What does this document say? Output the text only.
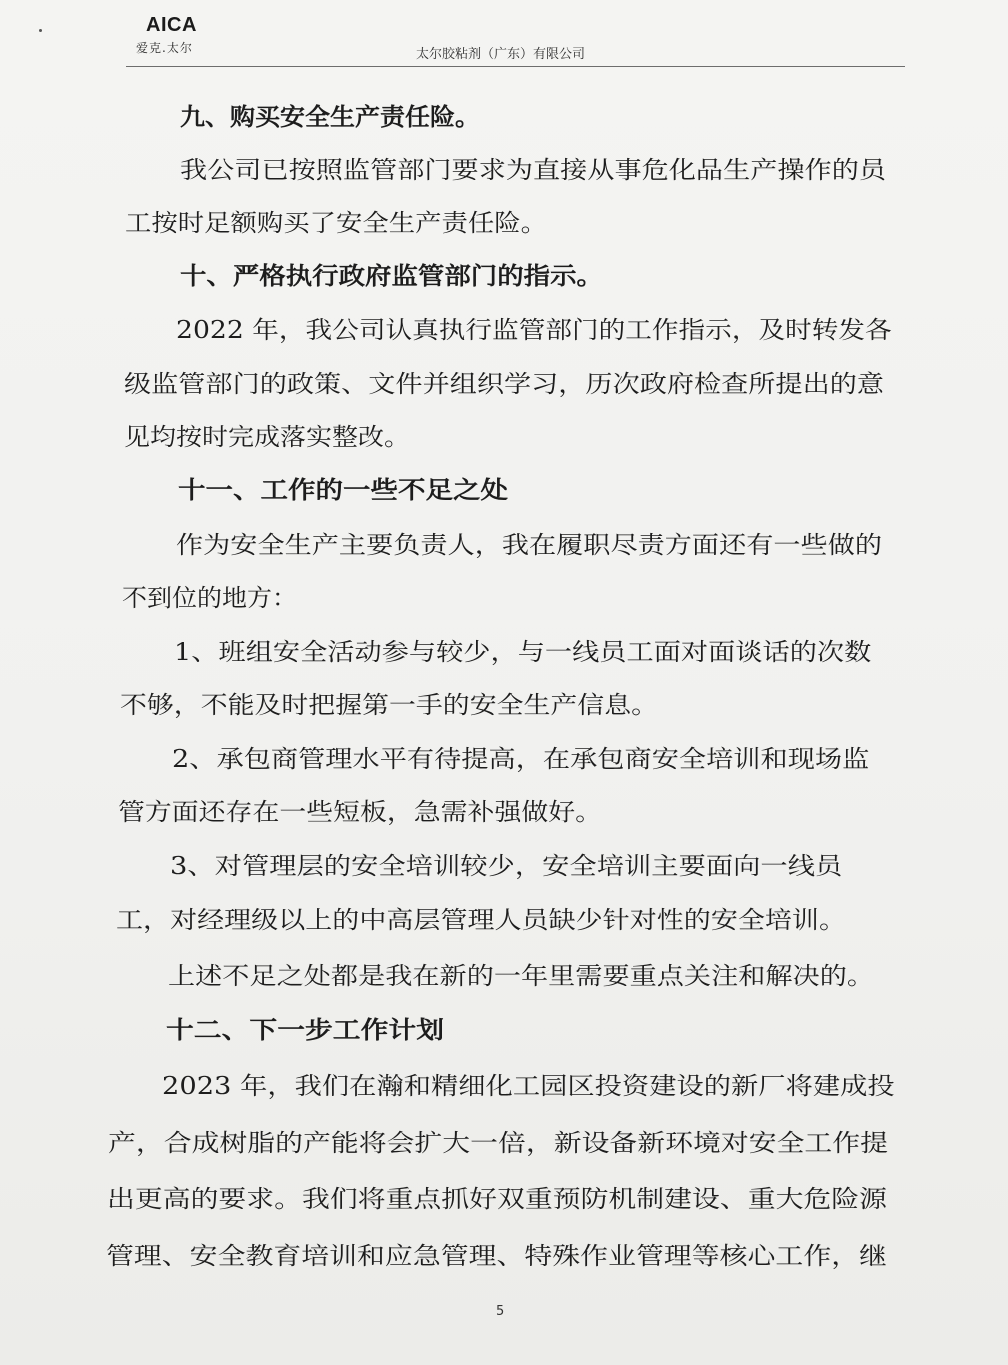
AICA
爱克.太尔	太尔胶粘剂（广东）有限公司
九、购买安全生产责任险。
我公司已按照监管部门要求为直接从事危化品生产操作的员
工按时足额购买了安全生产责任险。
十、严格执行政府监管部门的指示。
2022 年，我公司认真执行监管部门的工作指示，及时转发各
级监管部门的政策、文件并组织学习，历次政府检查所提出的意
见均按时完成落实整改。
十一、工作的一些不足之处
作为安全生产主要负责人，我在履职尽责方面还有一些做的
不到位的地方：
1、班组安全活动参与较少，与一线员工面对面谈话的次数
不够，不能及时把握第一手的安全生产信息。
2、承包商管理水平有待提高，在承包商安全培训和现场监
管方面还存在一些短板，急需补强做好。
3、对管理层的安全培训较少，安全培训主要面向一线员
工，对经理级以上的中高层管理人员缺少针对性的安全培训。
上述不足之处都是我在新的一年里需要重点关注和解决的。
十二、下一步工作计划
2023 年，我们在瀚和精细化工园区投资建设的新厂将建成投
产，合成树脂的产能将会扩大一倍，新设备新环境对安全工作提
出更高的要求。我们将重点抓好双重预防机制建设、重大危险源
管理、安全教育培训和应急管理、特殊作业管理等核心工作，继
5
